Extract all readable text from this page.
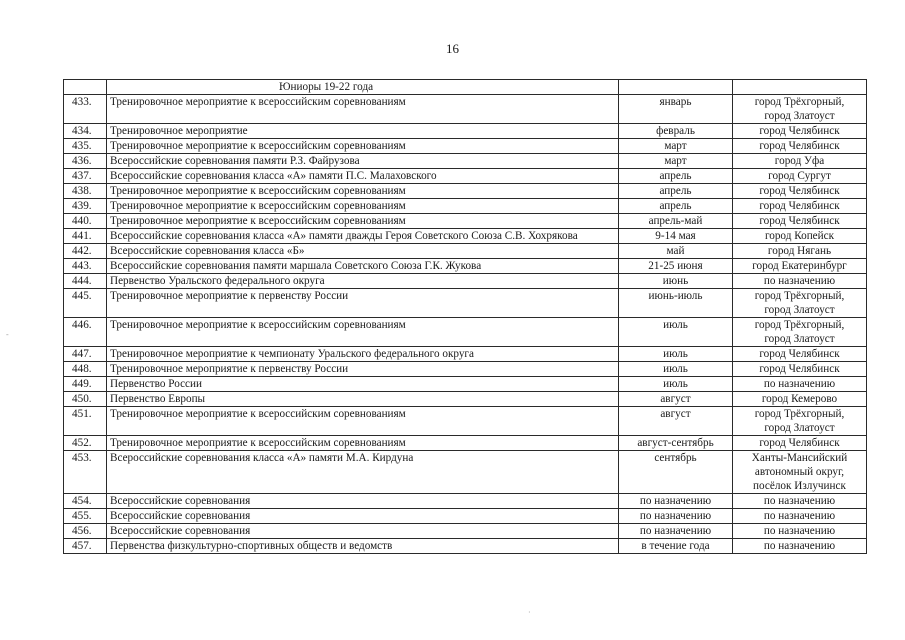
16
-
·
	Юниоры 19-22 года		
433.	Тренировочное мероприятие к всероссийским соревнованиям	январь	город Трёхгорный,
город Златоуст

434.	Тренировочное мероприятие	февраль	город Челябинск

435.	Тренировочное мероприятие к всероссийским соревнованиям	март	город Челябинск

436.	Всероссийские соревнования памяти Р.З. Файрузова	март	город Уфа

437.	Всероссийские соревнования класса «А» памяти П.С. Малаховского	апрель	город Сургут

438.	Тренировочное мероприятие к всероссийским соревнованиям	апрель	город Челябинск

439.	Тренировочное мероприятие к всероссийским соревнованиям	апрель	город Челябинск

440.	Тренировочное мероприятие к всероссийским соревнованиям	апрель-май	город Челябинск

441.	Всероссийские соревнования класса «А» памяти дважды Героя Советского Союза С.В. Хохрякова	9-14 мая	город Копейск

442.	Всероссийские соревнования класса «Б»	май	город Нягань

443.	Всероссийские соревнования памяти маршала Советского Союза Г.К. Жукова	21-25 июня	город Екатеринбург

444.	Первенство Уральского федерального округа	июнь	по назначению

445.	Тренировочное мероприятие к первенству России	июнь-июль	город Трёхгорный,
город Златоуст

446.	Тренировочное мероприятие к всероссийским соревнованиям	июль	город Трёхгорный,
город Златоуст

447.	Тренировочное мероприятие к чемпионату Уральского федерального округа	июль	город Челябинск

448.	Тренировочное мероприятие к первенству России	июль	город Челябинск

449.	Первенство России	июль	по назначению

450.	Первенство Европы	август	город Кемерово

451.	Тренировочное мероприятие к всероссийским соревнованиям	август	город Трёхгорный,
город Златоуст

452.	Тренировочное мероприятие к всероссийским соревнованиям	август-сентябрь	город Челябинск

453.	Всероссийские соревнования класса «А» памяти М.А. Кирдуна	сентябрь	Ханты-Мансийский
автономный округ,
посёлок Излучинск

454.	Всероссийские соревнования	по назначению	по назначению

455.	Всероссийские соревнования	по назначению	по назначению

456.	Всероссийские соревнования	по назначению	по назначению

457.	Первенства физкультурно-спортивных обществ и ведомств	в течение года	по назначению
